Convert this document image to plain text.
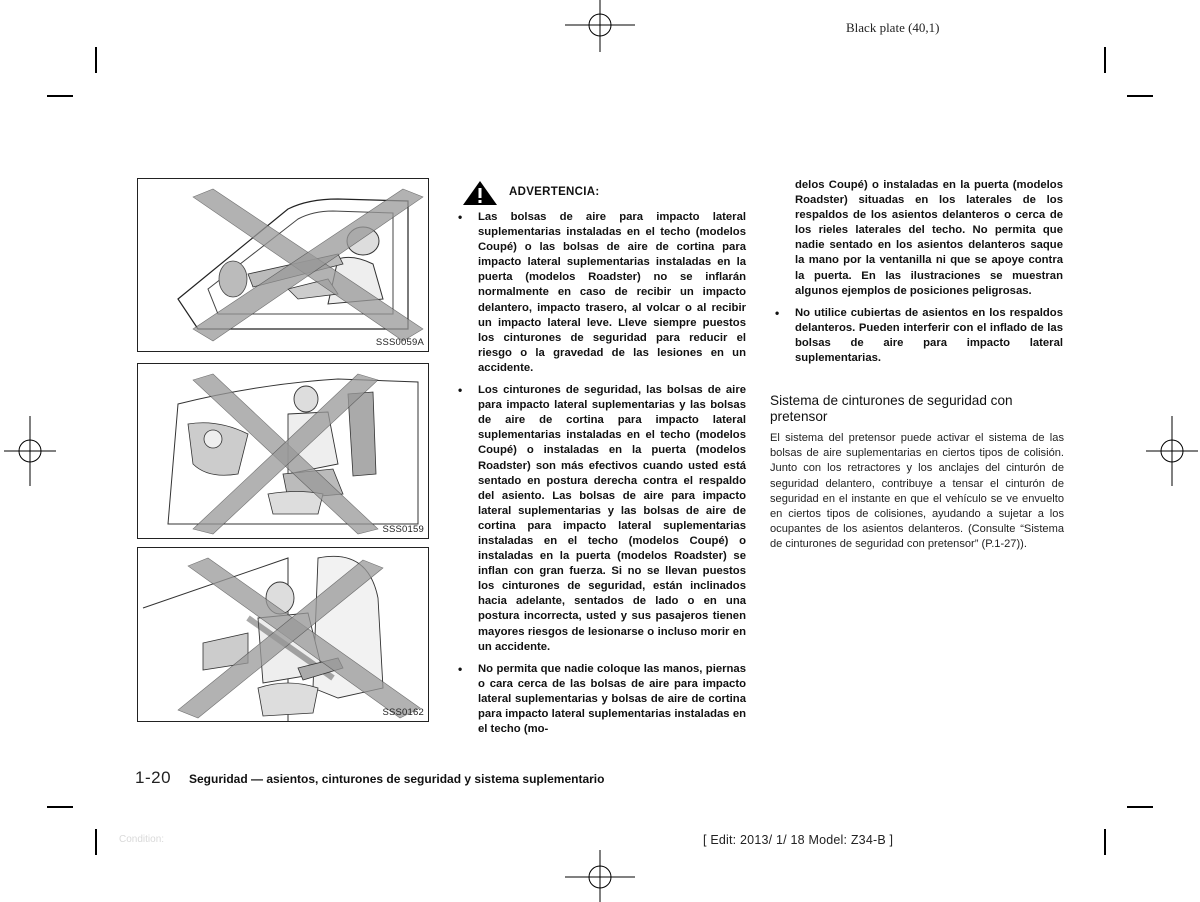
Black plate (40,1)
SSS0059A
SSS0159
SSS0162
ADVERTENCIA:
• Las bolsas de aire para impacto lateral suplementarias instaladas en el techo (modelos Coupé) o las bolsas de aire de cortina para impacto lateral suplementarias instaladas en la puerta (modelos Roadster) no se inflarán normalmente en caso de recibir un impacto delantero, impacto trasero, al volcar o al recibir un impacto lateral leve. Lleve siempre puestos los cinturones de seguridad para reducir el riesgo o la gravedad de las lesiones en un accidente.
• Los cinturones de seguridad, las bolsas de aire para impacto lateral suplementarias y las bolsas de aire de cortina para impacto lateral suplementarias instaladas en el techo (modelos Coupé) o instaladas en la puerta (modelos Roadster) son más efectivos cuando usted está sentado en postura derecha contra el respaldo del asiento. Las bolsas de aire para impacto lateral suplementarias y las bolsas de aire de cortina para impacto lateral suplementarias instaladas en el techo (modelos Coupé) o instaladas en la puerta (modelos Roadster) se inflan con gran fuerza. Si no se llevan puestos los cinturones de seguridad, están inclinados hacia adelante, sentados de lado o en una postura incorrecta, usted y sus pasajeros tienen mayores riesgos de lesionarse o incluso morir en un accidente.
• No permita que nadie coloque las manos, piernas o cara cerca de las bolsas de aire para impacto lateral suplementarias y bolsas de aire de cortina para impacto lateral suplementarias instaladas en el techo (mo-
delos Coupé) o instaladas en la puerta (modelos Roadster) situadas en los laterales de los respaldos de los asientos delanteros o cerca de los rieles laterales del techo. No permita que nadie sentado en los asientos delanteros saque la mano por la ventanilla ni que se apoye contra la puerta. En las ilustraciones se muestran algunos ejemplos de posiciones peligrosas.
• No utilice cubiertas de asientos en los respaldos delanteros. Pueden interferir con el inflado de las bolsas de aire para impacto lateral suplementarias.
Sistema de cinturones de seguridad con pretensor
El sistema del pretensor puede activar el sistema de las bolsas de aire suplementarias en ciertos tipos de colisión. Junto con los retractores y los anclajes del cinturón de seguridad delantero, contribuye a tensar el cinturón de seguridad en el instante en que el vehículo se ve envuelto en ciertos tipos de colisiones, ayudando a sujetar a los ocupantes de los asientos delanteros. (Consulte “Sistema de cinturones de seguridad con pretensor” (P.1-27)).
1-20 Seguridad — asientos, cinturones de seguridad y sistema suplementario
Condition:	[ Edit: 2013/ 1/ 18 Model: Z34-B ]
